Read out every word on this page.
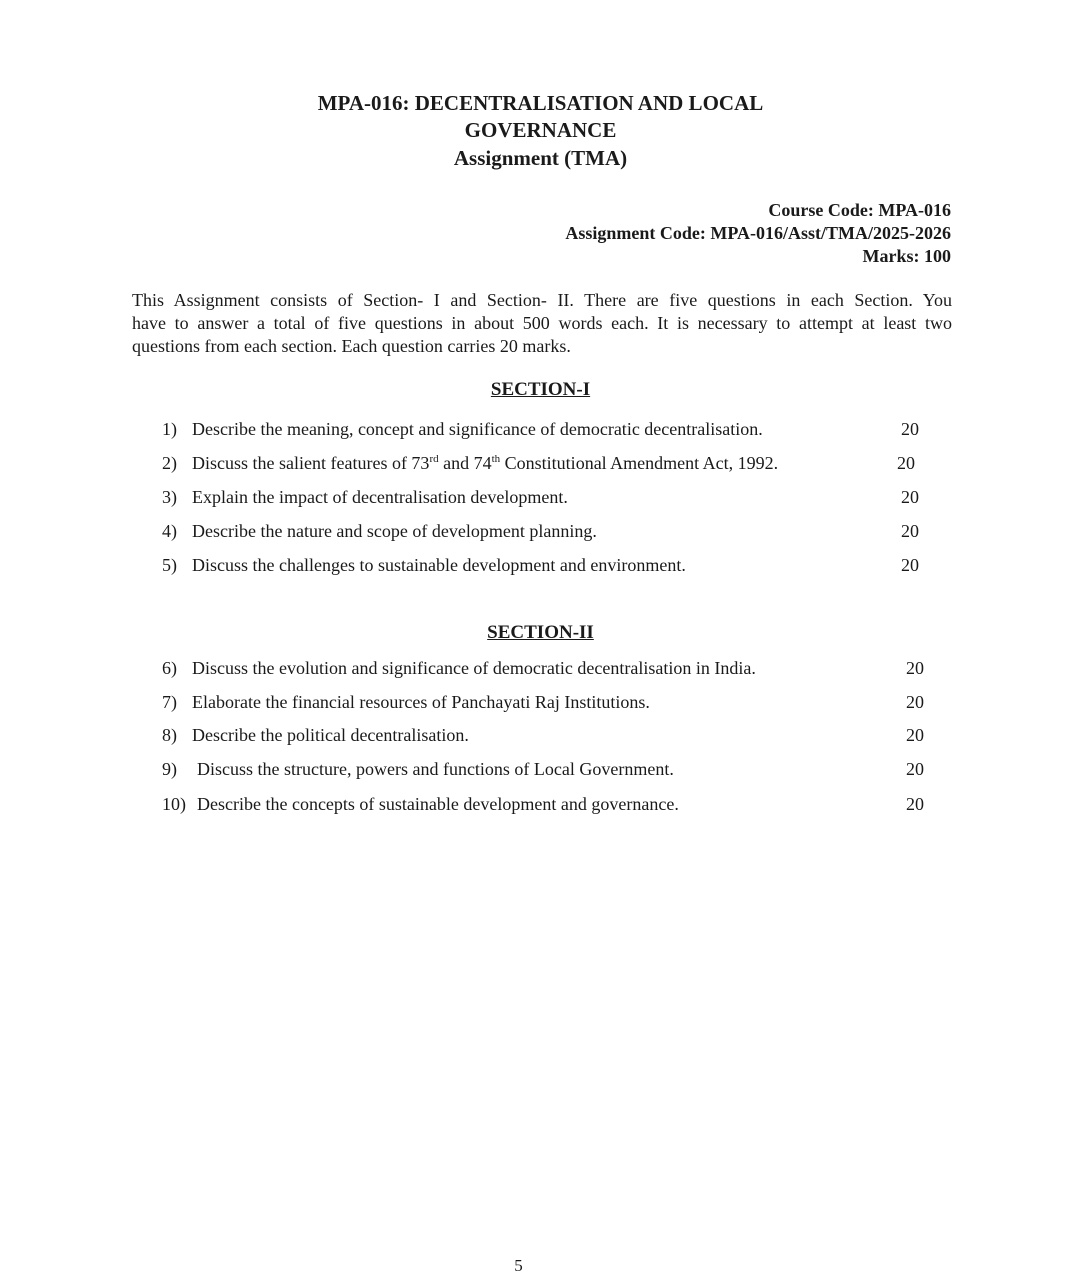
MPA-016: DECENTRALISATION AND LOCAL
GOVERNANCE
Assignment (TMA)
Course Code: MPA-016
Assignment Code: MPA-016/Asst/TMA/2025-2026
Marks: 100
This Assignment consists of Section- I and Section- II. There are five questions in each Section. You
have to answer a total of five questions in about 500 words each. It is necessary to attempt at least two
questions from each section. Each question carries 20 marks.
SECTION-I
1) Describe the meaning, concept and significance of democratic decentralisation.	20
2) Discuss the salient features of 73rd and 74th Constitutional Amendment Act, 1992.	20
3) Explain the impact of decentralisation development.	20
4) Describe the nature and scope of development planning.	20
5) Discuss the challenges to sustainable development and environment.	20
SECTION-II
6) Discuss the evolution and significance of democratic decentralisation in India.	20
7) Elaborate the financial resources of Panchayati Raj Institutions.	20
8) Describe the political decentralisation.	20
9) Discuss the structure, powers and functions of Local Government.	20
10) Describe the concepts of sustainable development and governance.	20
5
